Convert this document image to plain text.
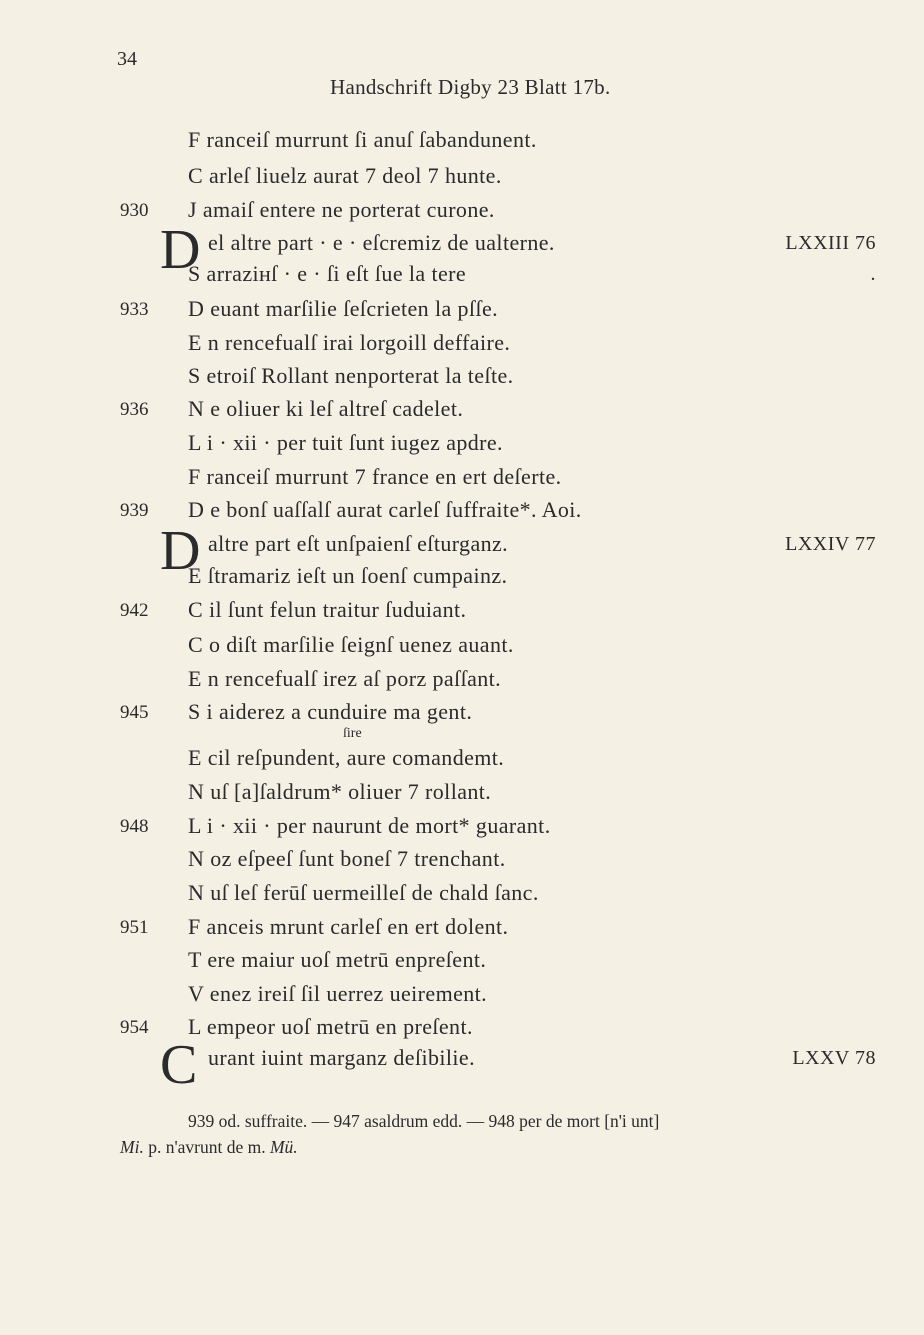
34
Handschrift Digby 23 Blatt 17b.
F ranceiſ murrunt ſi anuſ ſabandunent.
C arleſ liuelz aurat 7 deol 7 hunte.
930 J amaiſ entere ne porterat curone.
D el altre part · e · eſcremiz de ualterne.	LXXIII 76
S arraziнſ · e · ſi eſt ſue la tere	.
933 D euant marſilie ſeſcrieten la pſſe.
E n rencefualſ irai lorgoill deffaire.
S etroiſ Rollant nenporterat la teſte.
936 N e oliuer ki leſ altreſ cadelet.
L i · xii · per tuit ſunt iugez apdre.
F ranceiſ murrunt 7 france en ert deſerte.
939 D e bonſ uaſſalſ aurat carleſ ſuffraite*. Aoi.
D altre part eſt unſpaienſ eſturganz.	LXXIV 77
E ſtramariz ieſt un ſoenſ cumpainz.
942 C il ſunt felun traitur ſuduiant.
C o diſt marſilie ſeignſ uenez auant.
E n rencefualſ irez aſ porz paſſant.
945 S i aiderez a cunduire ma gent.
E cil reſpundent, aure comandemt.
N uſ [a]ſaldrum* oliuer 7 rollant.
948 L i · xii · per naurunt de mort* guarant.
N oz eſpeeſ ſunt boneſ 7 trenchant.
N uſ leſ ferūſ uermeilleſ de chald ſanc.
951 F anceis mrunt carleſ en ert dolent.
T ere maiur uoſ metrū enpreſent.
V enez ireiſ ſil uerrez ueirement.
954 L empeor uoſ metrū en preſent.
C urant iuint marganz deſibilie.	LXXV 78
ſire
939 od. suffraite. — 947 asaldrum edd. — 948 per de mort [n'i unt]
Mi. p. n'avrunt de m. Mü.
